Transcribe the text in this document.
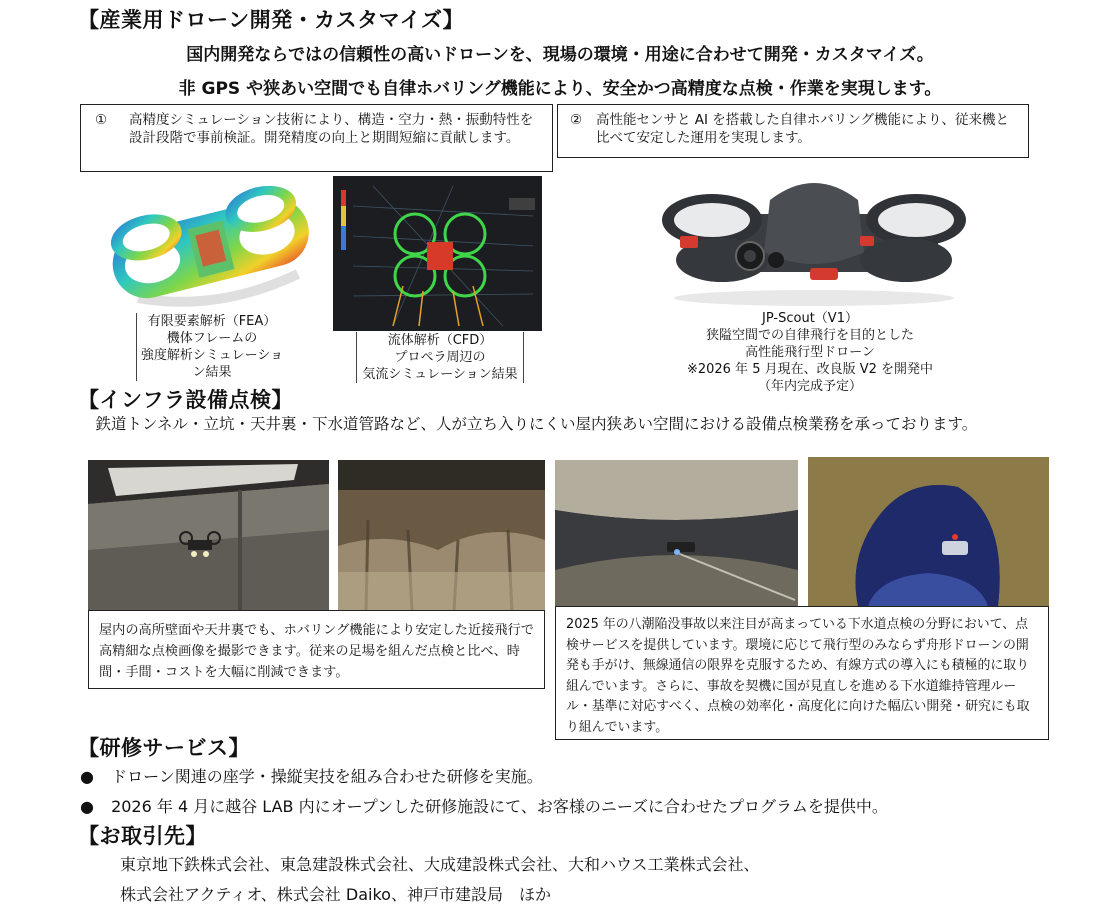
【産業用ドローン開発・カスタマイズ】
国内開発ならではの信頼性の高いドローンを、現場の環境・用途に合わせて開発・カスタマイズ。
非 GPS や狭あい空間でも自律ホバリング機能により、安全かつ高精度な点検・作業を実現します。
① 高精度シミュレーション技術により、構造・空力・熱・振動特性を設計段階で事前検証。開発精度の向上と期間短縮に貢献します。
② 高性能センサと AI を搭載した自律ホバリング機能により、従来機と比べて安定した運用を実現します。
有限要素解析（FEA）
機体フレームの
強度解析シミュレーション結果
流体解析（CFD）
プロペラ周辺の
気流シミュレーション結果
JP-Scout（V1）
狭隘空間での自律飛行を目的とした
高性能飛行型ドローン
※2026 年 5 月現在、改良版 V2 を開発中
（年内完成予定）
【インフラ設備点検】
　鉄道トンネル・立坑・天井裏・下水道管路など、人が立ち入りにくい屋内狭あい空間における設備点検業務を承っております。
屋内の高所壁面や天井裏でも、ホバリング機能により安定した近接飛行で高精細な点検画像を撮影できます。従来の足場を組んだ点検と比べ、時間・手間・コストを大幅に削減できます。
2025 年の八潮陥没事故以来注目が高まっている下水道点検の分野において、点検サービスを提供しています。環境に応じて飛行型のみならず舟形ドローンの開発も手がけ、無線通信の限界を克服するため、有線方式の導入にも積極的に取り組んでいます。さらに、事故を契機に国が見直しを進める下水道維持管理ルール・基準に対応すべく、点検の効率化・高度化に向けた幅広い開発・研究にも取り組んでいます。
【研修サービス】
● ドローン関連の座学・操縦実技を組み合わせた研修を実施。
● 2026 年 4 月に越谷 LAB 内にオープンした研修施設にて、お客様のニーズに合わせたプログラムを提供中。
【お取引先】
東京地下鉄株式会社、東急建設株式会社、大成建設株式会社、大和ハウス工業株式会社、
株式会社アクティオ、株式会社 Daiko、神戸市建設局　ほか
